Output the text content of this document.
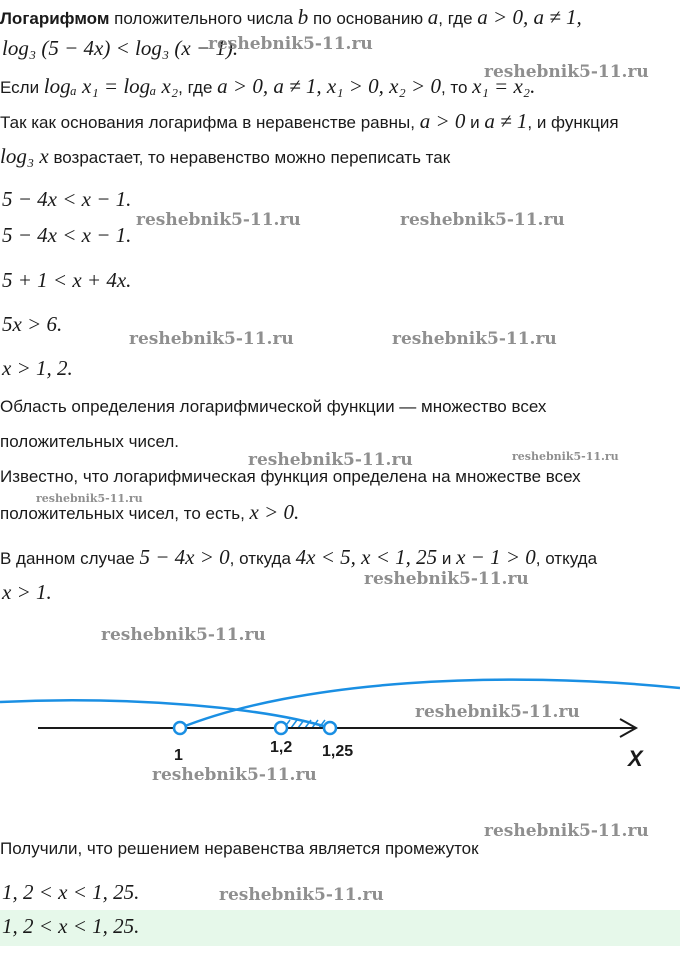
Логарифмом положительного числа b по основанию a, где a > 0, a ≠ 1,
log₃ (5 − 4x) < log₃ (x − 1).
Если logₐ x₁ = logₐ x₂, где a > 0, a ≠ 1, x₁ > 0, x₂ > 0, то x₁ = x₂.
Так как основания логарифма в неравенстве равны, a > 0 и a ≠ 1, и функция
log₃ x возрастает, то неравенство можно переписать так
5 − 4x < x − 1.
5 − 4x < x − 1.
5 + 1 < x + 4x.
5x > 6.
x > 1, 2.
Область определения логарифмической функции — множество всех
положительных чисел.
Известно, что логарифмическая функция определена на множестве всех
положительных чисел, то есть, x > 0.
В данном случае 5 − 4x > 0, откуда 4x < 5, x < 1, 25 и x − 1 > 0, откуда
x > 1.
1	1,2 1,25	X
Получили, что решением неравенства является промежуток
1, 2 < x < 1, 25.
1, 2 < x < 1, 25.
reshebnik5-11.ru
reshebnik5-11.ru
reshebnik5-11.ru	reshebnik5-11.ru
reshebnik5-11.ru	reshebnik5-11.ru
reshebnik5-11.ru	reshebnik5-11.ru
reshebnik5-11.ru
reshebnik5-11.ru
reshebnik5-11.ru
reshebnik5-11.ru
reshebnik5-11.ru
reshebnik5-11.ru
reshebnik5-11.ru
